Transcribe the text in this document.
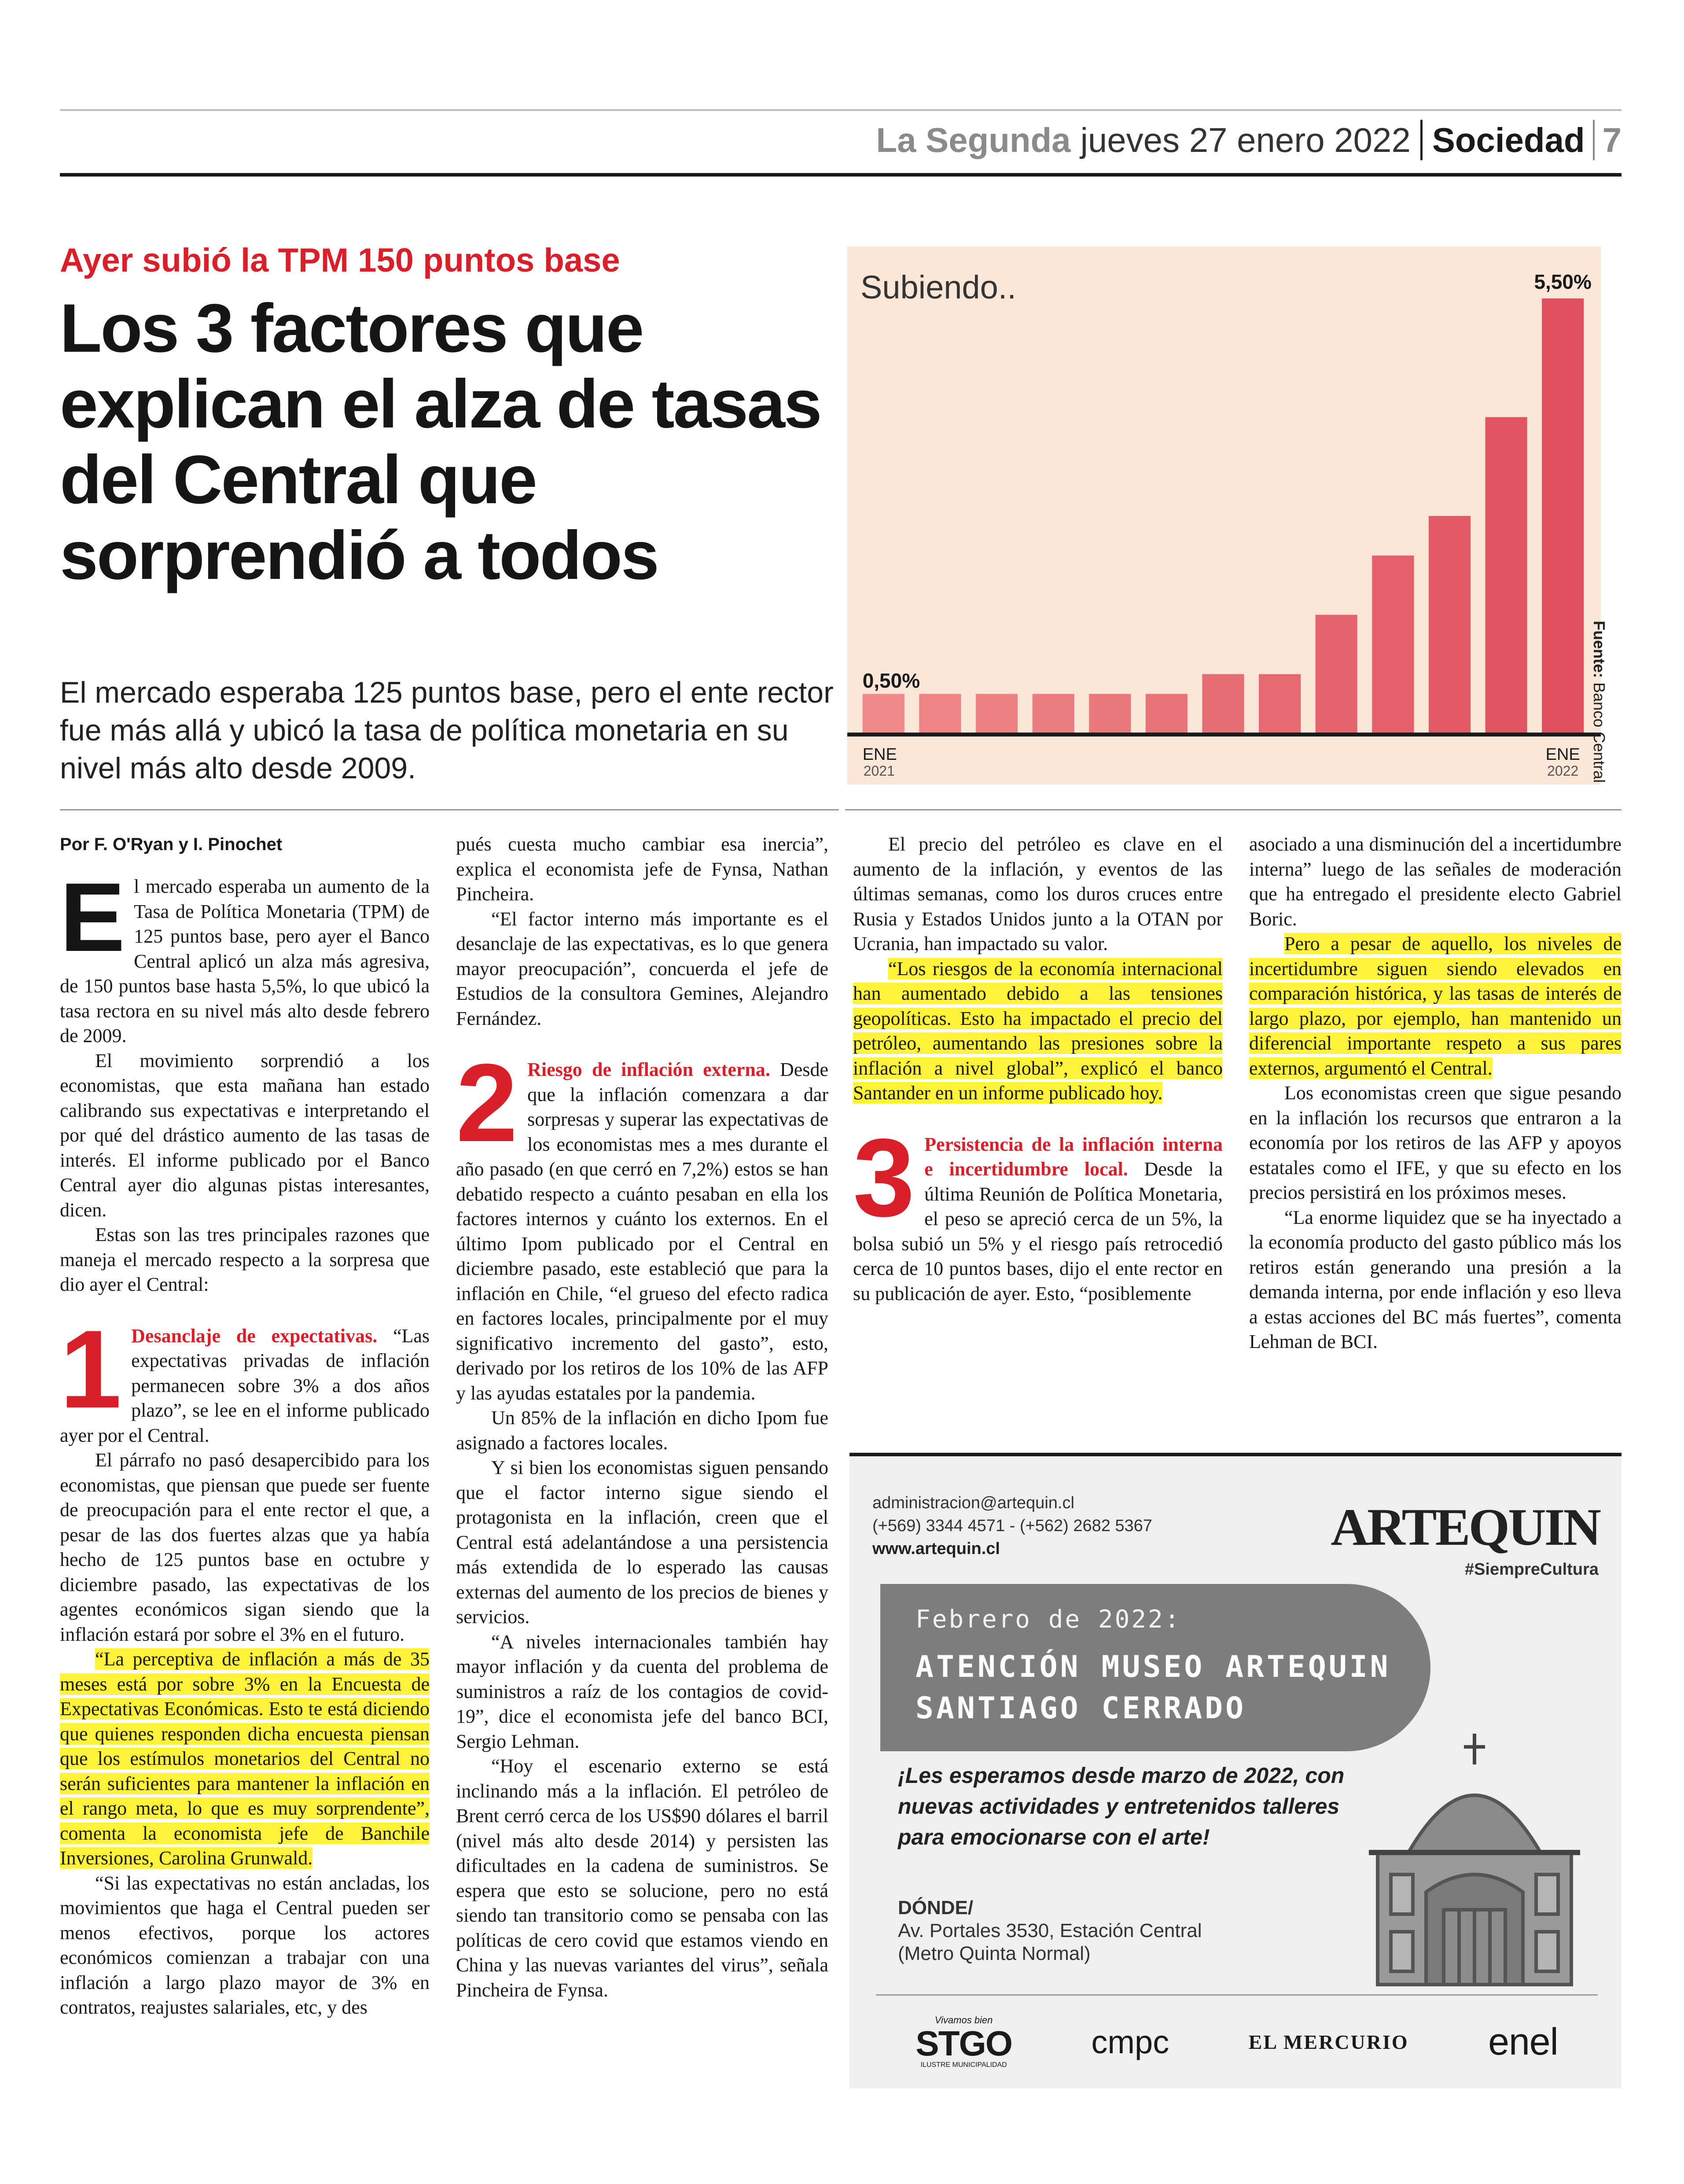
La Segunda jueves 27 enero 2022 Sociedad 7
Ayer subió la TPM 150 puntos base
Los 3 factores que explican el alza de tasas del Central que sorprendió a todos

El mercado esperaba 125 puntos base, pero el ente rector fue más allá y ubicó la tasa de política monetaria en su nivel más alto desde 2009.

Subiendo..
0,50%
5,50%
ENE
2021
ENE
2022
Fuente: Banco Central

Por F. O'Ryan y I. Pinochet

El mercado esperaba un aumento de la Tasa de Política Monetaria (TPM) de 125 puntos base, pero ayer el Banco Central aplicó un alza más agresiva, de 150 puntos base hasta 5,5%, lo que ubicó la tasa rectora en su nivel más alto desde febrero de 2009.

El movimiento sorprendió a los economistas, que esta mañana han estado calibrando sus expectativas e interpretando el por qué del drástico aumento de las tasas de interés. El informe publicado por el Banco Central ayer dio algunas pistas interesantes, dicen.

Estas son las tres principales razones que maneja el mercado respecto a la sorpresa que dio ayer el Central:

1 Desanclaje de expectativas. “Las expectativas privadas de inflación permanecen sobre 3% a dos años plazo”, se lee en el informe publicado ayer por el Central.

El párrafo no pasó desapercibido para los economistas, que piensan que puede ser fuente de preocupación para el ente rector el que, a pesar de las dos fuertes alzas que ya había hecho de 125 puntos base en octubre y diciembre pasado, las expectativas de los agentes económicos sigan siendo que la inflación estará por sobre el 3% en el futuro.

“La perceptiva de inflación a más de 35 meses está por sobre 3% en la Encuesta de Expectativas Económicas. Esto te está diciendo que quienes responden dicha encuesta piensan que los estímulos monetarios del Central no serán suficientes para mantener la inflación en el rango meta, lo que es muy sorprendente”, comenta la economista jefe de Banchile Inversiones, Carolina Grunwald.

“Si las expectativas no están ancladas, los movimientos que haga el Central pueden ser menos efectivos, porque los actores económicos comienzan a trabajar con una inflación a largo plazo mayor de 3% en contratos, reajustes salariales, etc, y des

pués cuesta mucho cambiar esa inercia”, explica el economista jefe de Fynsa, Nathan Pincheira.

“El factor interno más importante es el desanclaje de las expectativas, es lo que genera mayor preocupación”, concuerda el jefe de Estudios de la consultora Gemines, Alejandro Fernández.

2 Riesgo de inflación externa. Desde que la inflación comenzara a dar sorpresas y superar las expectativas de los economistas mes a mes durante el año pasado (en que cerró en 7,2%) estos se han debatido respecto a cuánto pesaban en ella los factores internos y cuánto los externos. En el último Ipom publicado por el Central en diciembre pasado, este estableció que para la inflación en Chile, “el grueso del efecto radica en factores locales, principalmente por el muy significativo incremento del gasto”, esto, derivado por los retiros de los 10% de las AFP y las ayudas estatales por la pandemia.

Un 85% de la inflación en dicho Ipom fue asignado a factores locales.

Y si bien los economistas siguen pensando que el factor interno sigue siendo el protagonista en la inflación, creen que el Central está adelantándose a una persistencia más extendida de lo esperado las causas externas del aumento de los precios de bienes y servicios.

“A niveles internacionales también hay mayor inflación y da cuenta del problema de suministros a raíz de los contagios de covid-19”, dice el economista jefe del banco BCI, Sergio Lehman.

“Hoy el escenario externo se está inclinando más a la inflación. El petróleo de Brent cerró cerca de los US$90 dólares el barril (nivel más alto desde 2014) y persisten las dificultades en la cadena de suministros. Se espera que esto se solucione, pero no está siendo tan transitorio como se pensaba con las políticas de cero covid que estamos viendo en China y las nuevas variantes del virus”, señala Pincheira de Fynsa.

El precio del petróleo es clave en el aumento de la inflación, y eventos de las últimas semanas, como los duros cruces entre Rusia y Estados Unidos junto a la OTAN por Ucrania, han impactado su valor.

“Los riesgos de la economía internacional han aumentado debido a las tensiones geopolíticas. Esto ha impactado el precio del petróleo, aumentando las presiones sobre la inflación a nivel global”, explicó el banco Santander en un informe publicado hoy.

3 Persistencia de la inflación interna e incertidumbre local. Desde la última Reunión de Política Monetaria, el peso se apreció cerca de un 5%, la bolsa subió un 5% y el riesgo país retrocedió cerca de 10 puntos bases, dijo el ente rector en su publicación de ayer. Esto, “posiblemente

asociado a una disminución del a incertidumbre interna” luego de las señales de moderación que ha entregado el presidente electo Gabriel Boric.

Pero a pesar de aquello, los niveles de incertidumbre siguen siendo elevados en comparación histórica, y las tasas de interés de largo plazo, por ejemplo, han mantenido un diferencial importante respeto a sus pares externos, argumentó el Central.

Los economistas creen que sigue pesando en la inflación los recursos que entraron a la economía por los retiros de las AFP y apoyos estatales como el IFE, y que su efecto en los precios persistirá en los próximos meses.

“La enorme liquidez que se ha inyectado a la economía producto del gasto público más los retiros están generando una presión a la demanda interna, por ende inflación y eso lleva a estas acciones del BC más fuertes”, comenta Lehman de BCI.

administracion@artequin.cl
(+569) 3344 4571 - (+562) 2682 5367
www.artequin.cl	ARTEQUIN
#SiempreCultura
Febrero de 2022:
ATENCIÓN MUSEO ARTEQUIN
SANTIAGO CERRADO
¡Les esperamos desde marzo de 2022, con nuevas actividades y entretenidos talleres para emocionarse con el arte!
DÓNDE/
Av. Portales 3530, Estación Central
(Metro Quinta Normal)
Vivamos bien
STGO
ILUSTRE MUNICIPALIDAD
cmpc	EL MERCURIO enel
